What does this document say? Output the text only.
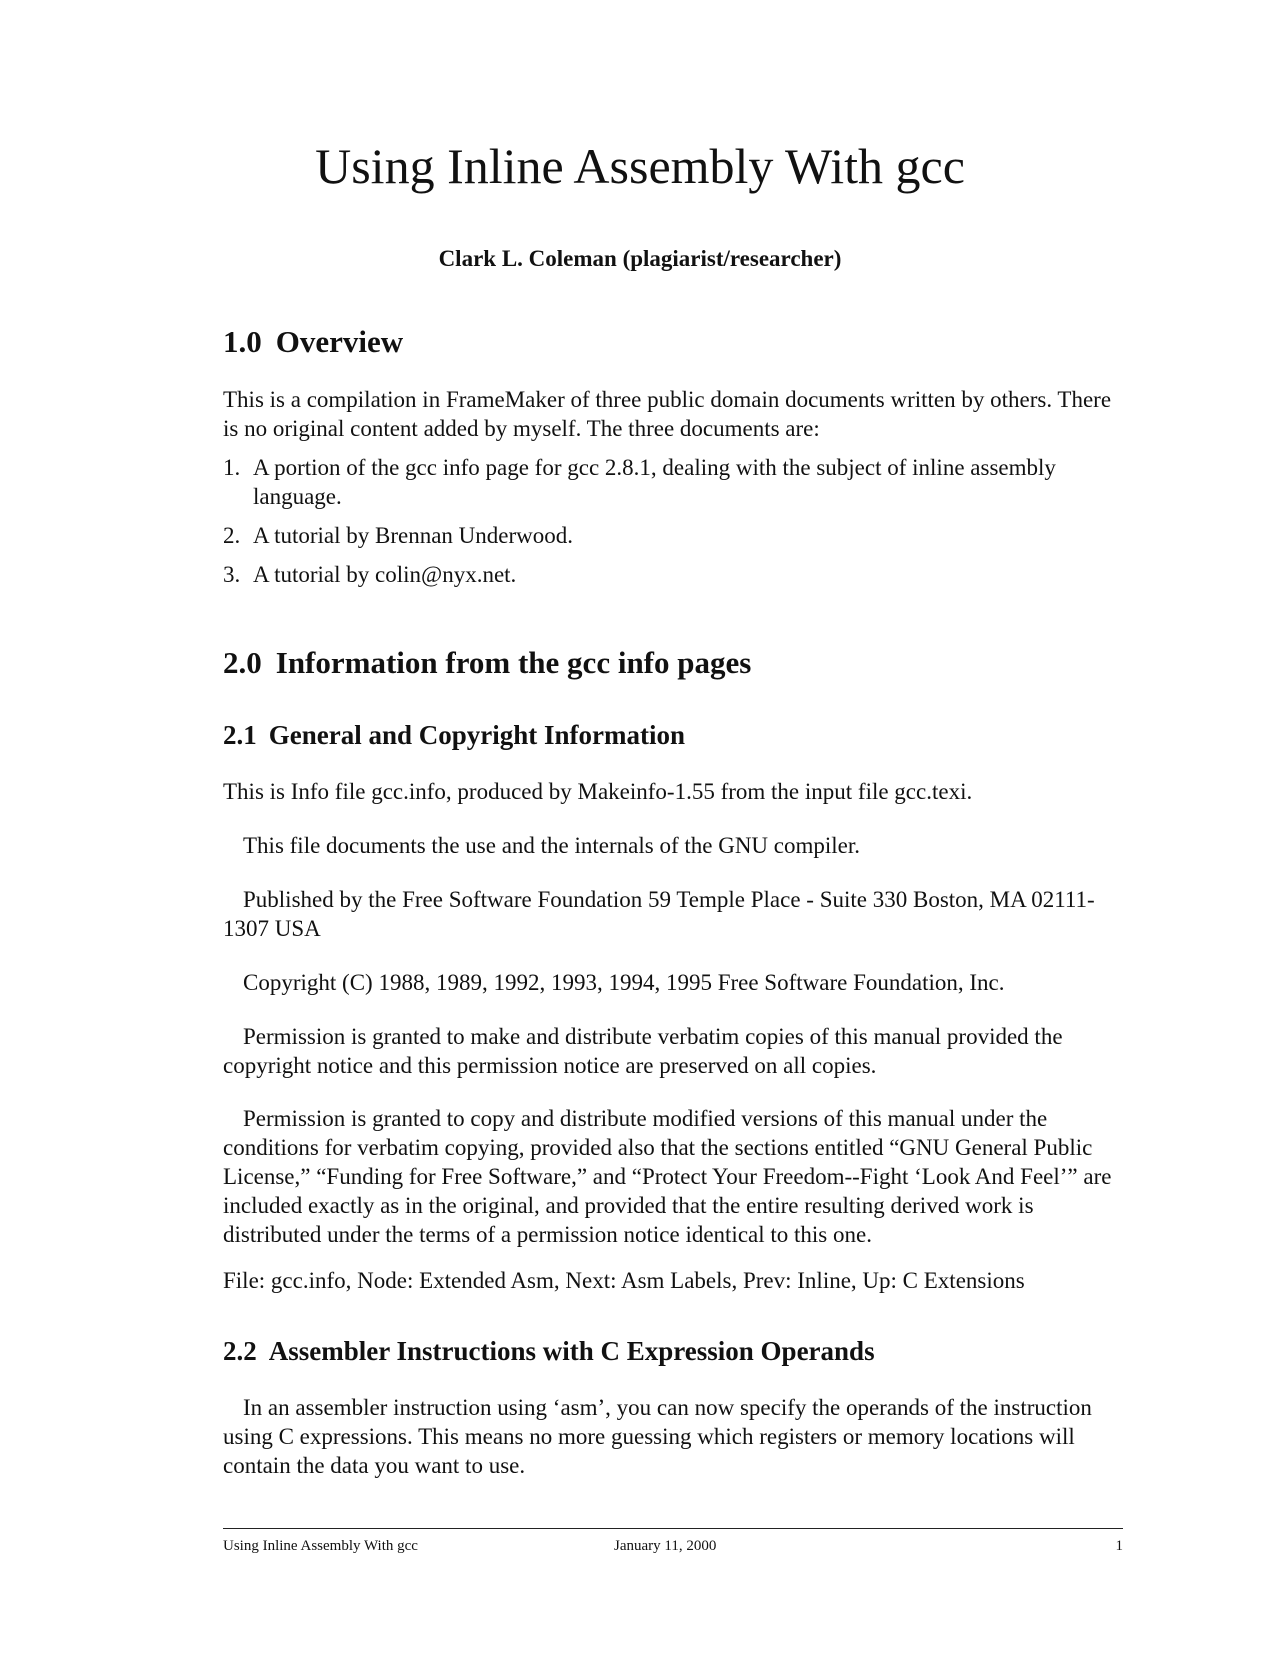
Using Inline Assembly With gcc
Clark L. Coleman (plagiarist/researcher)
1.0 Overview

This is a compilation in FrameMaker of three public domain documents written by others. There is no original content added by myself. The three documents are:

1. A portion of the gcc info page for gcc 2.8.1, dealing with the subject of inline assembly language.
2. A tutorial by Brennan Underwood.
3. A tutorial by colin@nyx.net.
2.0 Information from the gcc info pages
2.1 General and Copyright Information

This is Info file gcc.info, produced by Makeinfo-1.55 from the input file gcc.texi.

This file documents the use and the internals of the GNU compiler.

Published by the Free Software Foundation 59 Temple Place - Suite 330 Boston, MA 02111-1307 USA

Copyright (C) 1988, 1989, 1992, 1993, 1994, 1995 Free Software Foundation, Inc.

Permission is granted to make and distribute verbatim copies of this manual provided the copyright notice and this permission notice are preserved on all copies.

Permission is granted to copy and distribute modified versions of this manual under the conditions for verbatim copying, provided also that the sections entitled “GNU General Public License,” “Funding for Free Software,” and “Protect Your Freedom--Fight ‘Look And Feel’” are included exactly as in the original, and provided that the entire resulting derived work is distributed under the terms of a permission notice identical to this one.

File: gcc.info, Node: Extended Asm, Next: Asm Labels, Prev: Inline, Up: C Extensions

2.2 Assembler Instructions with C Expression Operands

In an assembler instruction using ‘asm’, you can now specify the operands of the instruction using C expressions. This means no more guessing which registers or memory locations will contain the data you want to use.

Using Inline Assembly With gcc	January 11, 2000	1
